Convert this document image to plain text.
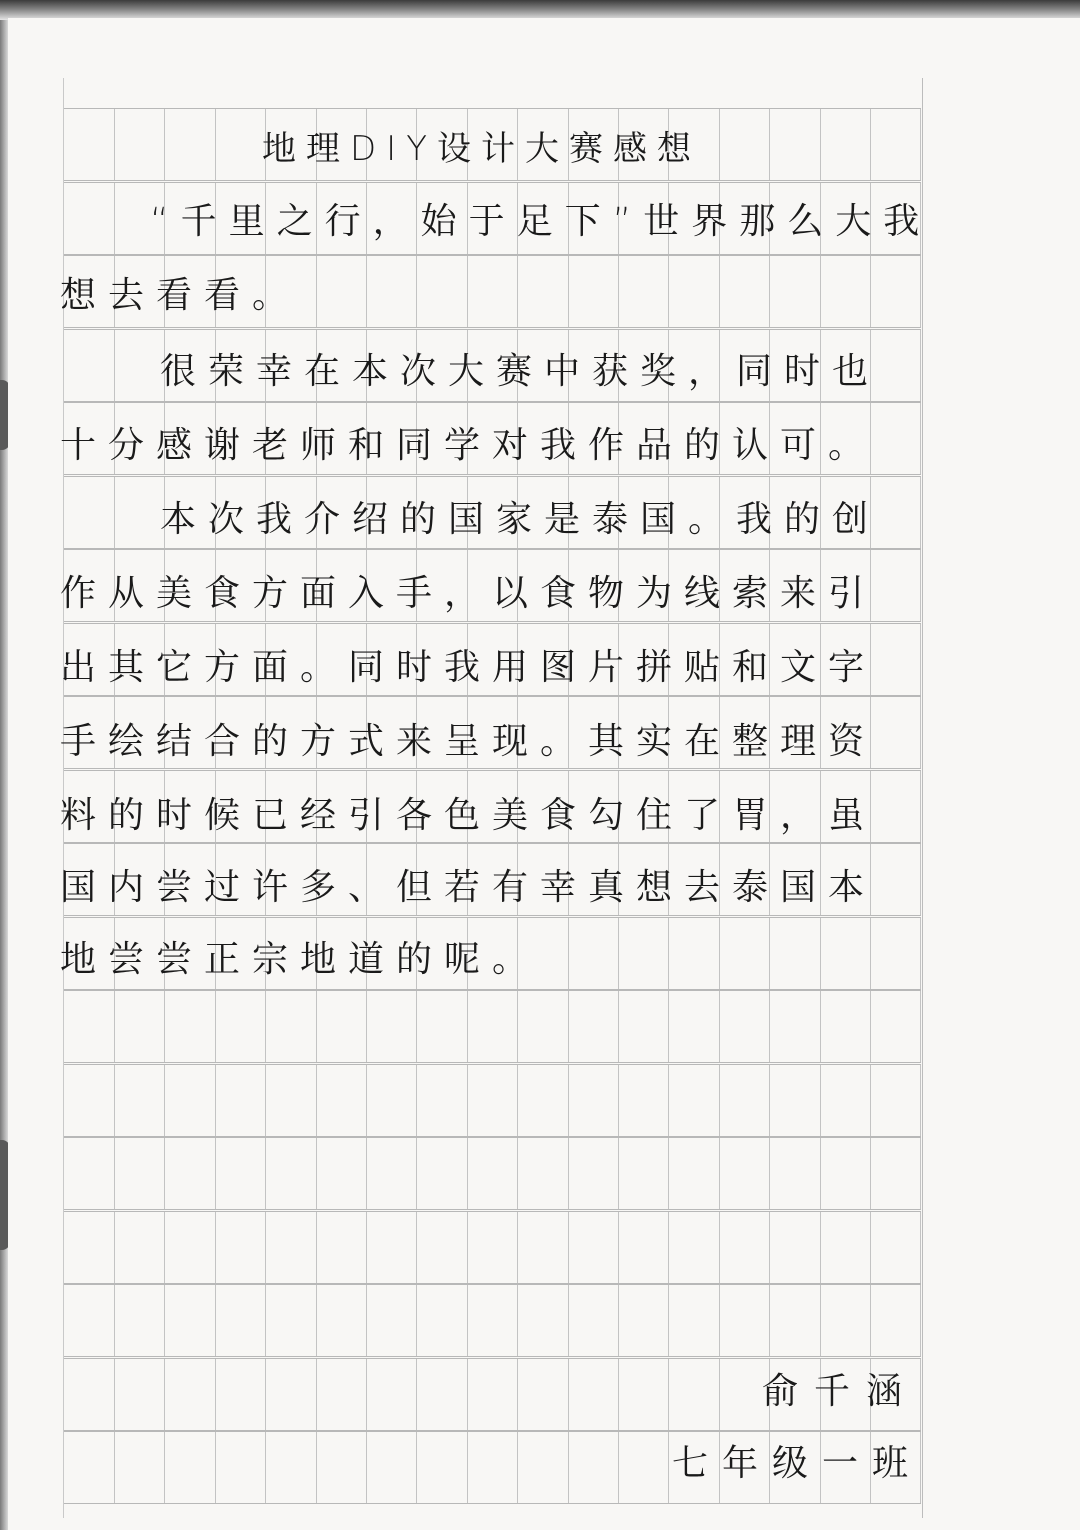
地理DIY设计大赛感想
“千里之行，始于足下”世界那么大我
想去看看。
很荣幸在本次大赛中获奖，同时也
十分感谢老师和同学对我作品的认可。
本次我介绍的国家是泰国。我的创
作从美食方面入手，以食物为线索来引
出其它方面。同时我用图片拼贴和文字
手绘结合的方式来呈现。其实在整理资
料的时候已经引各色美食勾住了胃，虽
国内尝过许多、但若有幸真想去泰国本
地尝尝正宗地道的呢。
俞千涵
七年级一班
